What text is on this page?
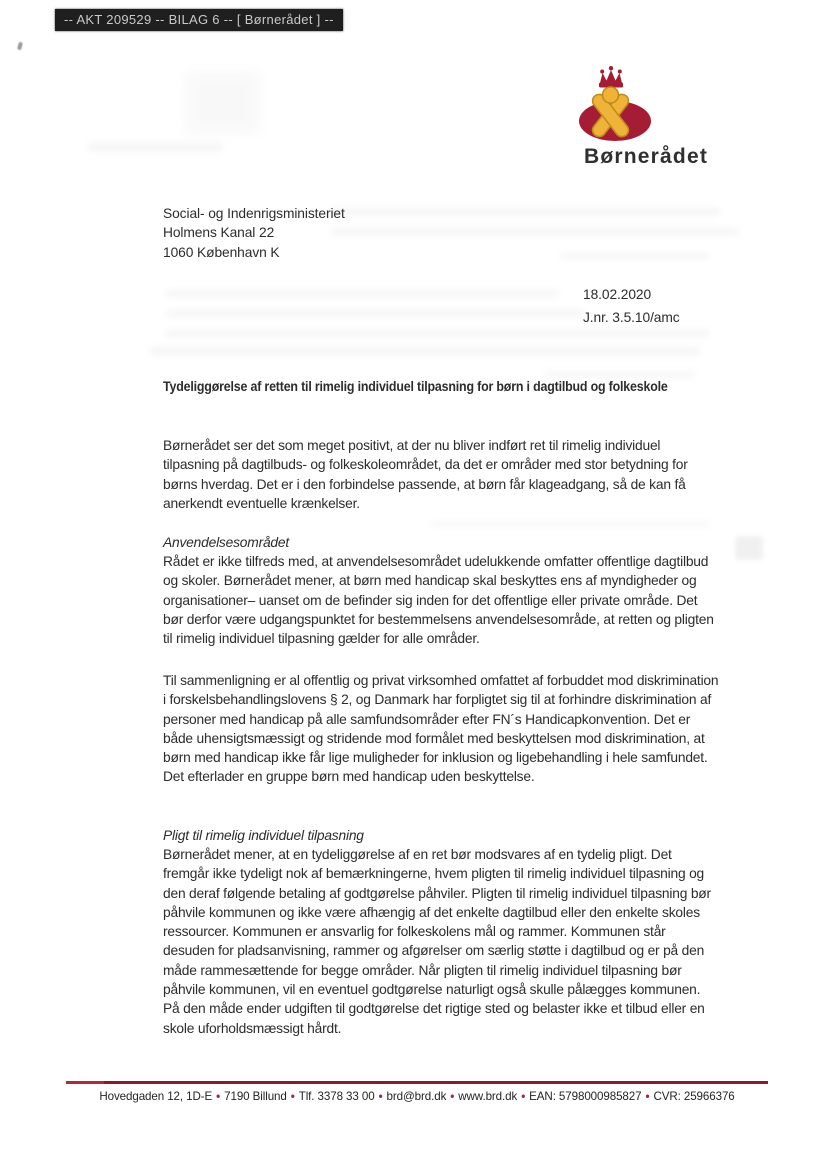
-- AKT 209529 -- BILAG 6 -- [ Børnerådet ] --
Børnerådet
Social- og Indenrigsministeriet
Holmens Kanal 22
1060 København K
18.02.2020
J.nr. 3.5.10/amc
Tydeliggørelse af retten til rimelig individuel tilpasning for børn i dagtilbud og folkeskole
Børnerådet ser det som meget positivt, at der nu bliver indført ret til rimelig individuel tilpasning på dagtilbuds- og folkeskoleområdet, da det er områder med stor betydning for børns hverdag. Det er i den forbindelse passende, at børn får klageadgang, så de kan få anerkendt eventuelle krænkelser.
Anvendelsesområdet
Rådet er ikke tilfreds med, at anvendelsesområdet udelukkende omfatter offentlige dagtilbud og skoler. Børnerådet mener, at børn med handicap skal beskyttes ens af myndigheder og organisationer– uanset om de befinder sig inden for det offentlige eller private område. Det bør derfor være udgangspunktet for bestemmelsens anvendelsesområde, at retten og pligten til rimelig individuel tilpasning gælder for alle områder.
Til sammenligning er al offentlig og privat virksomhed omfattet af forbuddet mod diskrimination i forskelsbehandlingslovens § 2, og Danmark har forpligtet sig til at forhindre diskrimination af personer med handicap på alle samfundsområder efter FN´s Handicapkonvention. Det er både uhensigtsmæssigt og stridende mod formålet med beskyttelsen mod diskrimination, at børn med handicap ikke får lige muligheder for inklusion og ligebehandling i hele samfundet. Det efterlader en gruppe børn med handicap uden beskyttelse.
Pligt til rimelig individuel tilpasning
Børnerådet mener, at en tydeliggørelse af en ret bør modsvares af en tydelig pligt. Det fremgår ikke tydeligt nok af bemærkningerne, hvem pligten til rimelig individuel tilpasning og den deraf følgende betaling af godtgørelse påhviler. Pligten til rimelig individuel tilpasning bør påhvile kommunen og ikke være afhængig af det enkelte dagtilbud eller den enkelte skoles ressourcer. Kommunen er ansvarlig for folkeskolens mål og rammer. Kommunen står desuden for pladsanvisning, rammer og afgørelser om særlig støtte i dagtilbud og er på den måde rammesættende for begge områder. Når pligten til rimelig individuel tilpasning bør påhvile kommunen, vil en eventuel godtgørelse naturligt også skulle pålægges kommunen. På den måde ender udgiften til godtgørelse det rigtige sted og belaster ikke et tilbud eller en skole uforholdsmæssigt hårdt.
Hovedgaden 12, 1D-E • 7190 Billund • Tlf. 3378 33 00 • brd@brd.dk • www.brd.dk • EAN: 5798000985827 • CVR: 25966376
